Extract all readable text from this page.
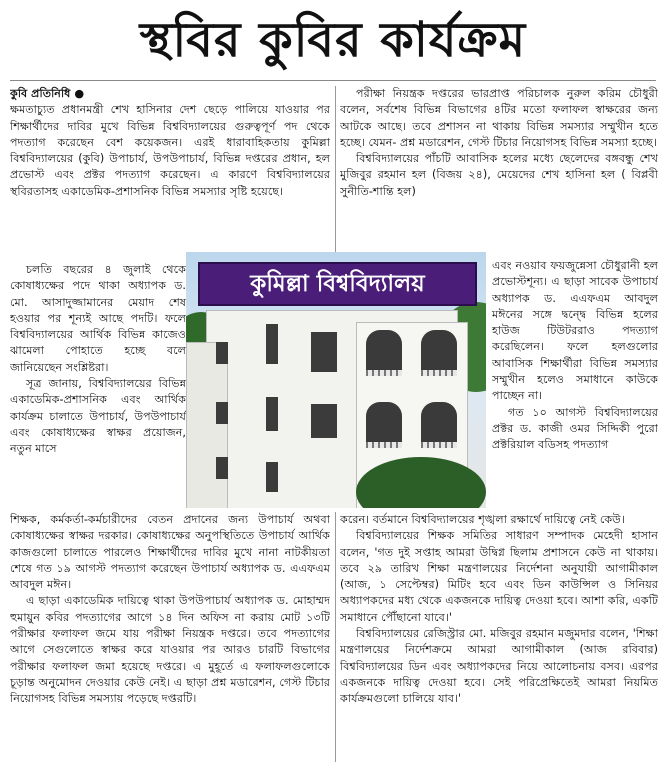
স্থবির কুবির কার্যক্রম

কুবি প্রতিনিধি ●

ক্ষমতাচ্যুত প্রধানমন্ত্রী শেখ হাসিনার দেশ ছেড়ে পালিয়ে যাওয়ার পর শিক্ষার্থীদের দাবির মুখে বিভিন্ন বিশ্ববিদ্যালয়ের গুরুত্বপূর্ণ পদ থেকে পদত্যাগ করেছেন বেশ কয়েকজন। এরই ধারাবাহিকতায় কুমিল্লা বিশ্ববিদ্যালয়ের (কুবি) উপাচার্য, উপউপাচার্য, বিভিন্ন দপ্তরের প্রধান, হল প্রভোস্ট এবং প্রক্টর পদত্যাগ করেছেন। এ কারণে বিশ্ববিদ্যালয়ের স্থবিরতাসহ একাডেমিক-প্রশাসনিক বিভিন্ন সমস্যার সৃষ্টি হয়েছে।

চলতি বছরের ৪ জুলাই থেকে কোষাধ্যক্ষের পদে থাকা অধ্যাপক ড. মো. আসাদুজ্জামানের মেয়াদ শেষ হওয়ার পর শূন্যই আছে পদটি। ফলে বিশ্ববিদ্যালয়ের আর্থিক বিভিন্ন কাজেও ঝামেলা পোহাতে হচ্ছে বলে জানিয়েছেন সংশ্লিষ্টরা।

সূত্র জানায়, বিশ্ববিদ্যালয়ের বিভিন্ন একাডেমিক-প্রশাসনিক এবং আর্থিক কার্যক্রম চালাতে উপাচার্য, উপউপাচার্য এবং কোষাধ্যক্ষের স্বাক্ষর প্রয়োজন, নতুন মাসে

শিক্ষক, কর্মকর্তা-কর্মচারীদের বেতন প্রদানের জন্য উপাচার্য অথবা কোষাধ্যক্ষের স্বাক্ষর দরকার। কোষাধ্যক্ষের অনুপস্থিতিতে উপাচার্য আর্থিক কাজগুলো চালাতে পারলেও শিক্ষার্থীদের দাবির মুখে নানা নাটকীয়তা শেষে গত ১৯ আগস্ট পদত্যাগ করেছেন উপাচার্য অধ্যাপক ড. এএফএম আবদুল মঈন।

এ ছাড়া একাডেমিক দায়িত্বে থাকা উপউপাচার্য অধ্যাপক ড. মোহাম্মদ হুমায়ুন কবির পদত্যাগের আগে ১৪ দিন অফিস না করায় মোট ১৩টি পরীক্ষার ফলাফল জমে যায় পরীক্ষা নিয়ন্ত্রক দপ্তরে। তবে পদত্যাগের আগে সেগুলোতে স্বাক্ষর করে যাওয়ার পর আরও চারটি বিভাগের পরীক্ষার ফলাফল জমা হয়েছে দপ্তরে। এ মুহূর্তে এ ফলাফলগুলোকে চূড়ান্ত অনুমোদন দেওয়ার কেউ নেই। এ ছাড়া প্রশ্ন মডারেশন, গেস্ট টিচার নিয়োগসহ বিভিন্ন সমস্যায় পড়েছে দপ্তরটি।

পরীক্ষা নিয়ন্ত্রক দপ্তরের ভারপ্রাপ্ত পরিচালক নুরুল করিম চৌধুরী বলেন, সর্বশেষ বিভিন্ন বিভাগের ৪টির মতো ফলাফল স্বাক্ষরের জন্য আটকে আছে। তবে প্রশাসন না থাকায় বিভিন্ন সমস্যার সম্মুখীন হতে হচ্ছে। যেমন- প্রশ্ন মডারেশন, গেস্ট টিচার নিয়োগসহ বিভিন্ন সমস্যা হচ্ছে।

বিশ্ববিদ্যালয়ের পাঁচটি আবাসিক হলের মধ্যে ছেলেদের বঙ্গবন্ধু শেখ মুজিবুর রহমান হল (বিজয় ২৪), মেয়েদের শেখ হাসিনা হল ( বিপ্লবী সুনীতি-শান্তি হল)

এবং নওয়াব ফয়জুন্নেসা চৌধুরানী হল প্রভোস্টশূন্য। এ ছাড়া সাবেক উপাচার্য অধ্যাপক ড. এএফএম আবদুল মঈনের সঙ্গে দ্বন্দ্বে বিভিন্ন হলের হাউজ টিউটররাও পদত্যাগ করেছিলেন। ফলে হলগুলোর আবাসিক শিক্ষার্থীরা বিভিন্ন সমস্যার সম্মুখীন হলেও সমাধানে কাউকে পাচ্ছেন না।

গত ১০ আগস্ট বিশ্ববিদ্যালয়ের প্রক্টর ড. কাজী ওমর সিদ্দিকী পুরো প্রক্টরিয়াল বডিসহ পদত্যাগ

করেন। বর্তমানে বিশ্ববিদ্যালয়ের শৃঙ্খলা রক্ষার্থে দায়িত্বে নেই কেউ।

বিশ্ববিদ্যালয়ের শিক্ষক সমিতির সাধারণ সম্পাদক মেহেদী হাসান বলেন, 'গত দুই সপ্তাহ আমরা উদ্বিগ্ন ছিলাম প্রশাসনে কেউ না থাকায়। তবে ২৯ তারিখ শিক্ষা মন্ত্রণালয়ের নির্দেশনা অনুযায়ী আগামীকাল (আজ, ১ সেপ্টেম্বর) মিটিং হবে এবং ডিন কাউন্সিল ও সিনিয়র অধ্যাপকদের মধ্য থেকে একজনকে দায়িত্ব দেওয়া হবে। আশা করি, একটি সমাধানে পৌঁছানো যাবে।'

বিশ্ববিদ্যালয়ের রেজিস্ট্রার মো. মজিবুর রহমান মজুমদার বলেন, 'শিক্ষা মন্ত্রণালয়ের নির্দেশক্রমে আমরা আগামীকাল (আজ রবিবার) বিশ্ববিদ্যালয়ের ডিন এবং অধ্যাপকদের নিয়ে আলোচনায় বসব। এরপর একজনকে দায়িত্ব দেওয়া হবে। সেই পরিপ্রেক্ষিতেই আমরা নিয়মিত কার্যক্রমগুলো চালিয়ে যাব।'

কুমিল্লা বিশ্ববিদ্যালয়
